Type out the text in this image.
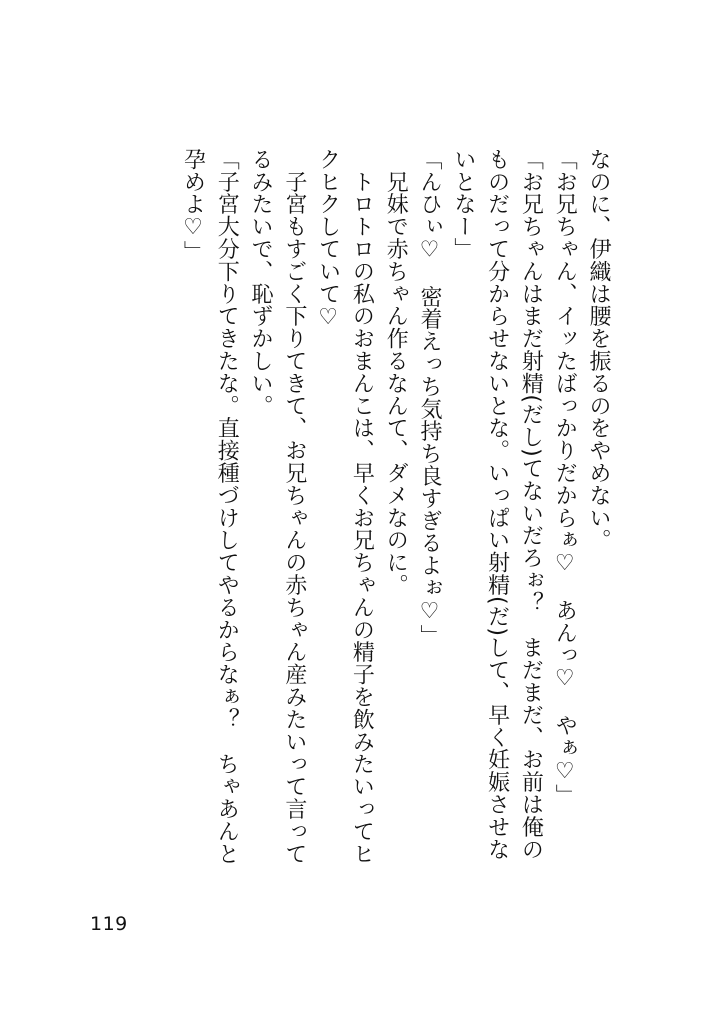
なのに、伊織は腰を振るのをやめない。

「お兄ちゃん、イッたばっかりだからぁ♡　あんっ♡　やぁ♡」

「お兄ちゃんはまだ射精(だし)てないだろぉ？　まだまだ、お前は俺のものだって分からせないとな。いっぱい射精(だ)して、早く妊娠させないとなー」

「んひぃ♡　密着えっち気持ち良すぎるよぉ♡」

　兄妹で赤ちゃん作るなんて、ダメなのに。

　トロトロの私のおまんこは、早くお兄ちゃんの精子を飲みたいってヒクヒクしていて♡

　子宮もすごく下りてきて、お兄ちゃんの赤ちゃん産みたいって言ってるみたいで、恥ずかしい。

「子宮大分下りてきたな。直接種づけしてやるからなぁ？　ちゃあんと孕めよ♡」

119
